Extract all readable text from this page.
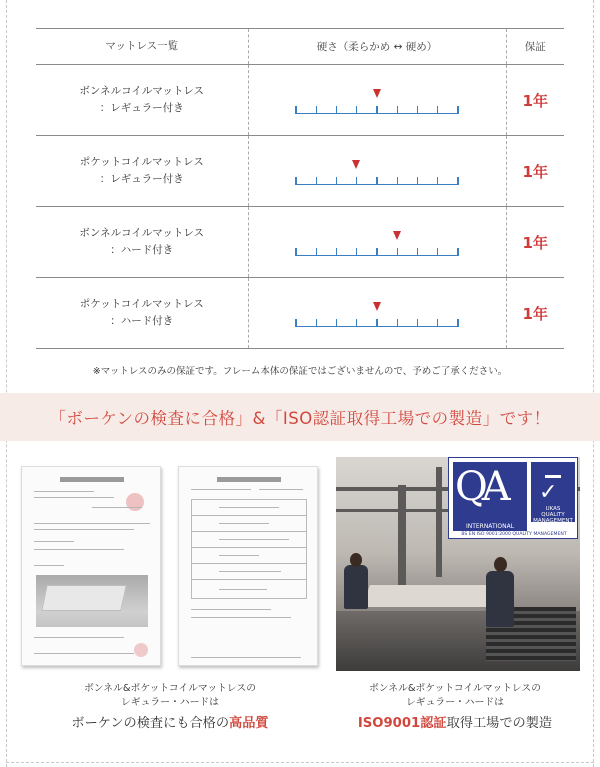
マットレス一覧	硬さ（柔らかめ ↔ 硬め）	保証

ボンネルコイルマットレス
：レギュラー付き		1年

ポケットコイルマットレス
：レギュラー付き		1年

ボンネルコイルマットレス
：ハード付き		1年

ポケットコイルマットレス
：ハード付き		1年
※マットレスのみの保証です。フレーム本体の保証ではございませんので、予めご了承ください。
「ボーケンの検査に合格」&「ISO認証取得工場での製造」です！
QA
INTERNATIONAL
✓
UKAS
QUALITY MANAGEMENT
BS EN ISO 9001:2000 QUALITY MANAGEMENT
ボンネル&ポケットコイルマットレスの
レギュラー・ハードは
ボーケンの検査にも合格の高品質
ボンネル&ポケットコイルマットレスの
レギュラー・ハードは
ISO9001認証取得工場での製造
